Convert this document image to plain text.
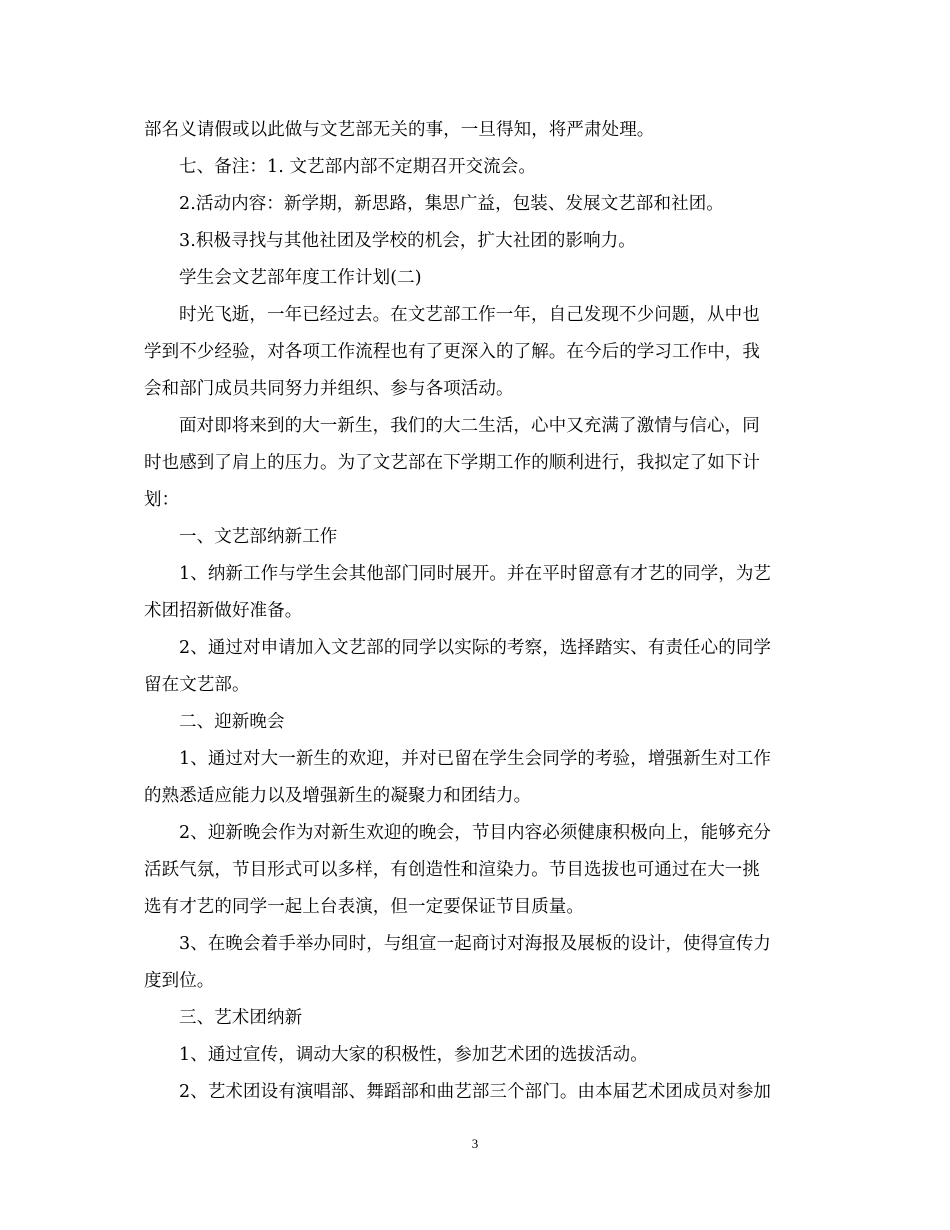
部名义请假或以此做与文艺部无关的事，一旦得知，将严肃处理。
七、备注：1. 文艺部内部不定期召开交流会。
2.活动内容：新学期，新思路，集思广益，包装、发展文艺部和社团。
3.积极寻找与其他社团及学校的机会，扩大社团的影响力。
学生会文艺部年度工作计划(二)
时光飞逝，一年已经过去。在文艺部工作一年，自己发现不少问题，从中也
学到不少经验，对各项工作流程也有了更深入的了解。在今后的学习工作中，我
会和部门成员共同努力并组织、参与各项活动。
面对即将来到的大一新生，我们的大二生活，心中又充满了激情与信心，同
时也感到了肩上的压力。为了文艺部在下学期工作的顺利进行，我拟定了如下计
划：
一、文艺部纳新工作
1、纳新工作与学生会其他部门同时展开。并在平时留意有才艺的同学，为艺
术团招新做好准备。
2、通过对申请加入文艺部的同学以实际的考察，选择踏实、有责任心的同学
留在文艺部。
二、迎新晚会
1、通过对大一新生的欢迎，并对已留在学生会同学的考验，增强新生对工作
的熟悉适应能力以及增强新生的凝聚力和团结力。
2、迎新晚会作为对新生欢迎的晚会，节目内容必须健康积极向上，能够充分
活跃气氛，节目形式可以多样，有创造性和渲染力。节目选拔也可通过在大一挑
选有才艺的同学一起上台表演，但一定要保证节目质量。
3、在晚会着手举办同时，与组宣一起商讨对海报及展板的设计，使得宣传力
度到位。
三、艺术团纳新
1、通过宣传，调动大家的积极性，参加艺术团的选拔活动。
2、艺术团设有演唱部、舞蹈部和曲艺部三个部门。由本届艺术团成员对参加
3
